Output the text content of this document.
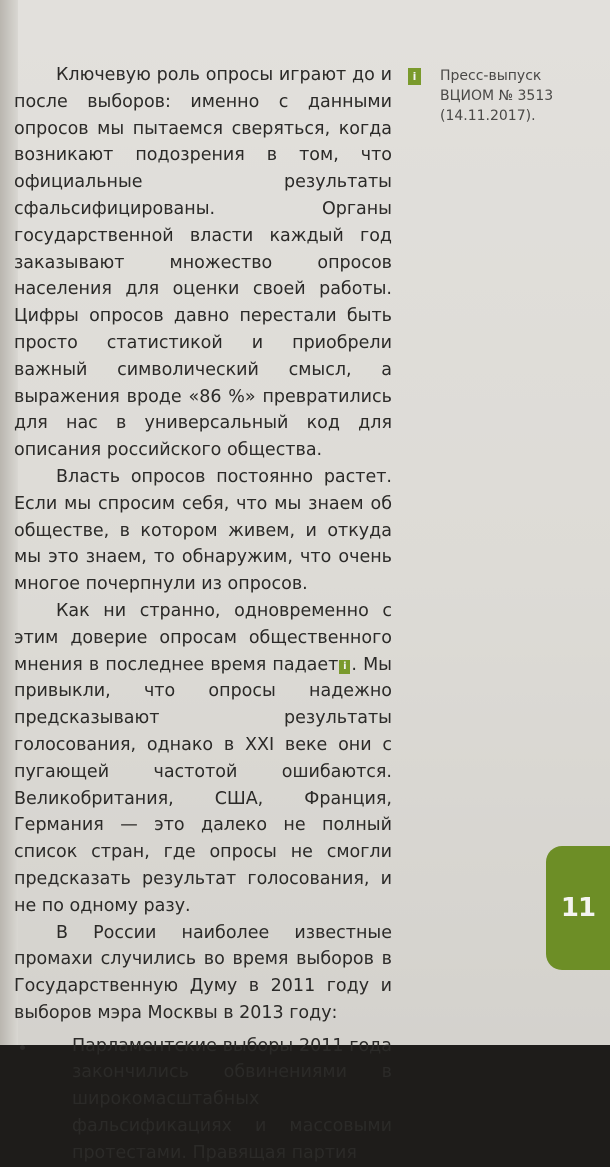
Ключевую роль опросы играют до и после выборов: именно с данными опросов мы пытаемся сверяться, когда возникают подозрения в том, что официальные результаты сфальсифицированы. Органы государственной власти каждый год заказывают множество опросов населения для оценки своей работы. Цифры опросов давно перестали быть просто статистикой и приобрели важный символический смысл, а выражения вроде «86 %» превратились для нас в универсальный код для описания российского общества.

Власть опросов постоянно растет. Если мы спросим себя, что мы знаем об обществе, в котором живем, и откуда мы это знаем, то обнаружим, что очень многое почерпнули из опросов.

Как ни странно, одновременно с этим доверие опросам общественного мнения в последнее время падает i . Мы привыкли, что опросы надежно предсказывают результаты голосования, однако в XXI веке они с пугающей частотой ошибаются. Великобритания, США, Франция, Германия — это далеко не полный список стран, где опросы не смогли предсказать результат голосования, и не по одному разу.

В России наиболее известные промахи случились во время выборов в Государственную Думу в 2011 году и выборов мэра Москвы в 2013 году:

Парламентские выборы 2011 года закончились обвинениями в широкомасштабных фальсификациях и массовыми протестами. Правящая партия
i	Пресс-выпуск ВЦИОМ № 3513 (14.11.2017).
11
